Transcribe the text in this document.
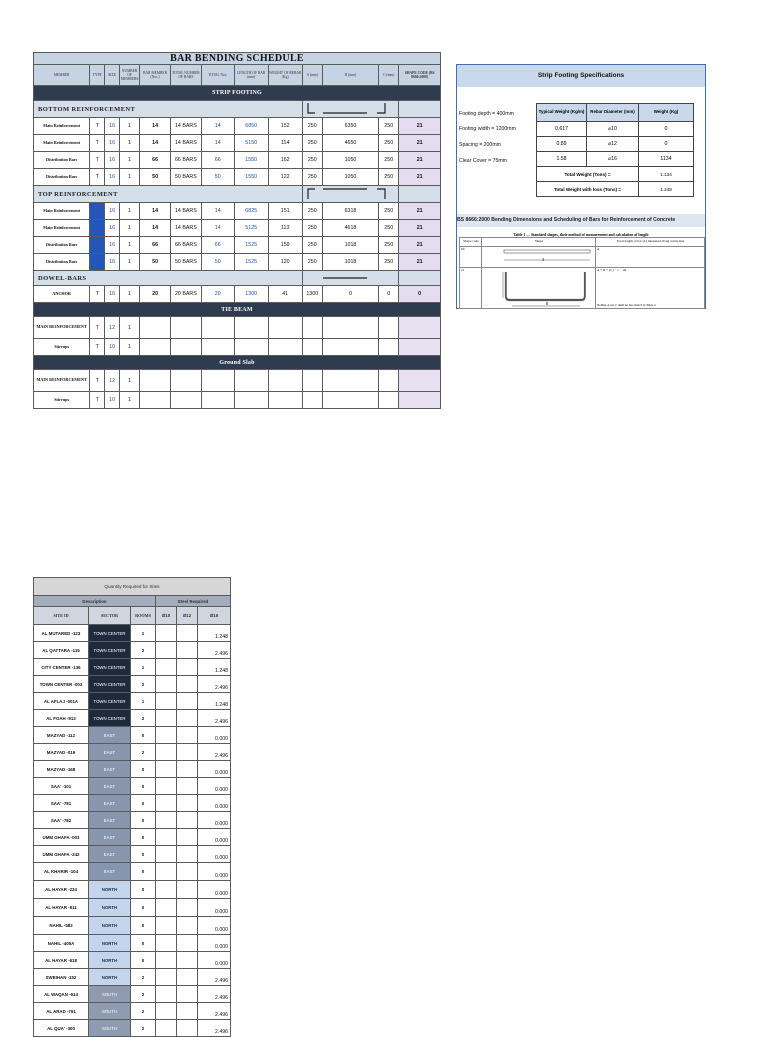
BAR BENDING SCHEDULE												
MEMBER	TYPE	SIZE	NUMBER OF MEMBERS	BAR MEMBER (Nos.)	TOTAL NUMBER OF BARS	TOTAL Nos.	LENGTH OF BAR (mm)	WEIGHT OF REBAR (Kg)	A (mm)	B (mm)	C (mm)	SHAPE CODE (BS 8666:2000)
STRIP FOOTING												
BOTTOM REINFORCEMENT		
Main Reinforcement	T	16	1	14	14 BARS	14	6850	152	250	6350	250	21
Main Reinforcement	T	16	1	14	14 BARS	14	5150	114	250	4650	250	21
Distribution Bars	T	16	1	66	66 BARS	66	1550	162	250	1050	250	21
Distribution Bars	T	16	1	50	50 BARS	50	1550	122	250	1050	250	21
TOP REINFORCEMENT		
Main Reinforcement	T	16	1	14	14 BARS	14	6825	151	250	6318	250	21
Main Reinforcement	T	16	1	14	14 BARS	14	5125	113	250	4618	250	21
Distribution Bars	T	16	1	66	66 BARS	66	1525	159	250	1018	250	21
Distribution Bars	T	16	1	50	50 BARS	50	1525	120	250	1018	250	21
DOWEL-BARS		
ANCHOR	T	16	1	20	20 BARS	20	1300	41	1300	0	0	0
TIE BEAM												
MAIN REINFORCEMENT	T	12	1									
Stirrups	T	10	1									
Ground Slab												
MAIN REINFORCEMENT	T	12	1									
Stirrups	T	10	1									
Strip Footing Specifications
Footing depth = 400mm
Footing width = 1200mm
Spacing = 200mm
Clear Cover = 75mm
Typical Weight (Kg/m)	Rebar Diameter (mm)	Weight (Kg)
0.617	⌀10	0
0.89	⌀12	0
1.58	⌀16	1134
Total Weight (Tons) =		1.134
Total Weight with loss (Tons) =		1.248
BS 8666:2000 Bending Dimensions and Scheduling of Bars for Reinforcement of Concrete
Table 1 — Standard shapes, their method of measurement and calculation of length
Shape code	Shape	Total length of bar (L) measured along centre line
00	A	A
21	B	A + B + (C) − r − 2d
Neither A nor C shall be less than P in Table 2
Quantity Required for Sites					
Description			Steel Required		
SITE ID	SECTOR	ROOMS	Ø10	Ø12	Ø16
AL MUTARED -123	TOWN CENTER	1			1.248
AL QATTARA -115	TOWN CENTER	2			2.496
CITY CENTER -136	TOWN CENTER	1			1.248
TOWN CENTER -003	TOWN CENTER	2			2.496
AL AFLAJ -001A	TOWN CENTER	1			1.248
AL FOAH -913	TOWN CENTER	2			2.496
MAZYAD -112	EAST	0			0.000
MAZYAD -019	EAST	2			2.496
MAZYAD -168	EAST	0			0.000
SAA' -101	EAST	0			0.000
SAA' -781	EAST	0			0.000
SAA' -782	EAST	0			0.000
UMM GHAFA -003	EAST	0			0.000
UMM GHAFA -242	EAST	0			0.000
AL KHARIR -104	EAST	0			0.000
AL HAYAR -234	NORTH	0			0.000
AL HAYAR -511	NORTH	0			0.000
NAHIL -582	NORTH	0			0.000
NAHIL -405A	NORTH	0			0.000
AL HAYAR -618	NORTH	0			0.000
SWEIHAN -152	NORTH	2			2.496
AL WAQAN -614	SOUTH	2			2.496
AL ARAD -761	SOUTH	2			2.496
AL QUA' -300	SOUTH	2			2.496
